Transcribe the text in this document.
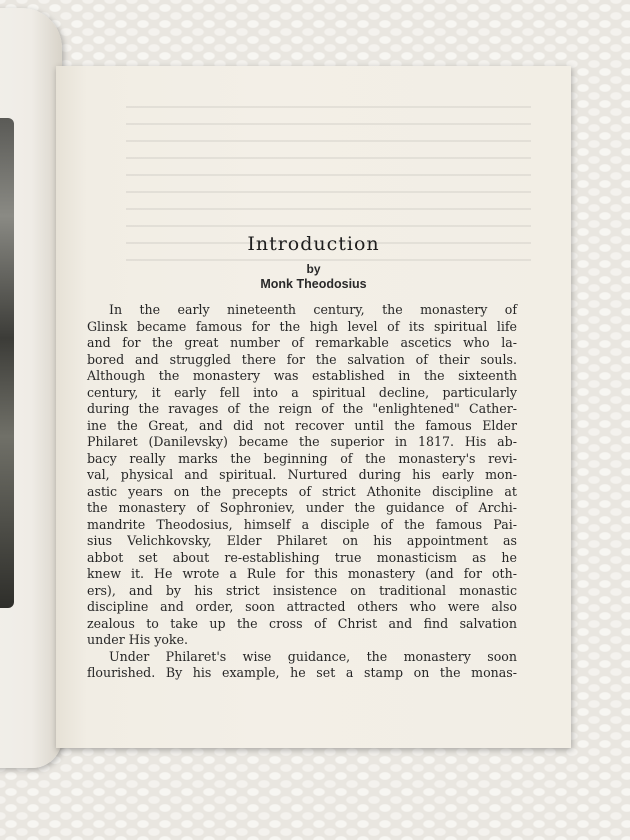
Introduction
by
Monk Theodosius
In the early nineteenth century, the monastery of
Glinsk became famous for the high level of its spiritual life
and for the great number of remarkable ascetics who la-
bored and struggled there for the salvation of their souls.
Although the monastery was established in the sixteenth
century, it early fell into a spiritual decline, particularly
during the ravages of the reign of the "enlightened" Cather-
ine the Great, and did not recover until the famous Elder
Philaret (Danilevsky) became the superior in 1817. His ab-
bacy really marks the beginning of the monastery's revi-
val, physical and spiritual. Nurtured during his early mon-
astic years on the precepts of strict Athonite discipline at
the monastery of Sophroniev, under the guidance of Archi-
mandrite Theodosius, himself a disciple of the famous Pai-
sius Velichkovsky, Elder Philaret on his appointment as
abbot set about re-establishing true monasticism as he
knew it. He wrote a Rule for this monastery (and for oth-
ers), and by his strict insistence on traditional monastic
discipline and order, soon attracted others who were also
zealous to take up the cross of Christ and find salvation
under His yoke.
Under Philaret's wise guidance, the monastery soon
flourished. By his example, he set a stamp on the monas-
